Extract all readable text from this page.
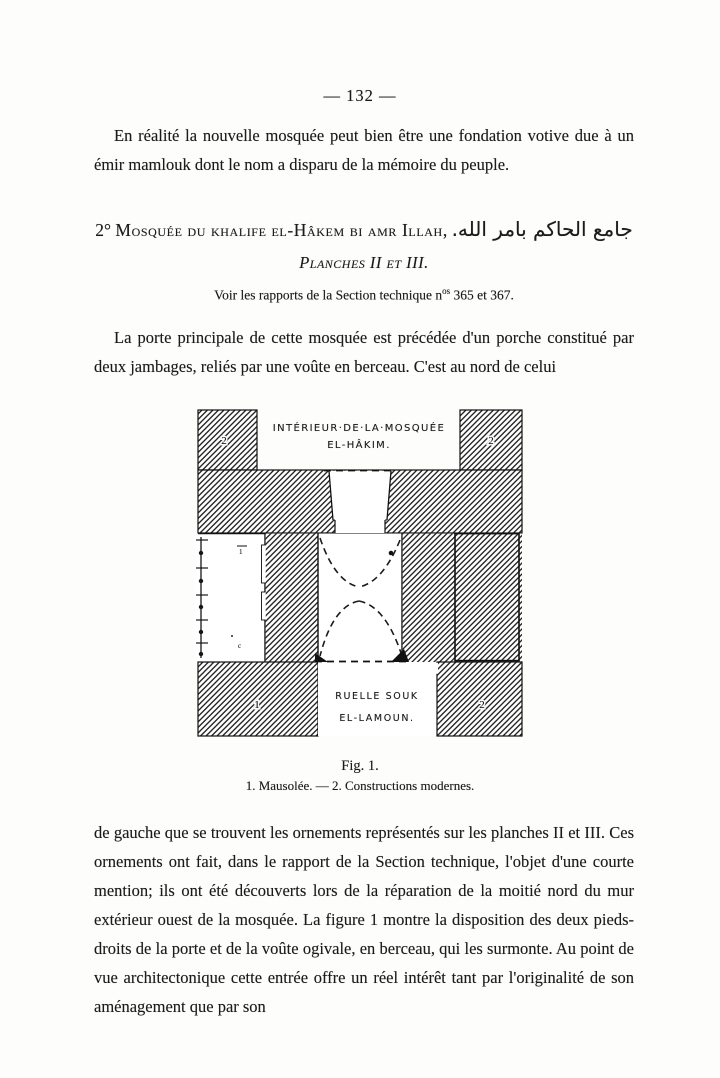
— 132 —

En réalité la nouvelle mosquée peut bien être une fondation votive due à un émir mamlouk dont le nom a disparu de la mémoire du peuple.

2° Mosquée du khalife el-Hâkem bi amr Illah, جامع الحاكم بامر الله.
Planches II et III.
Voir les rapports de la Section technique $n^{os}$ 365 et 367.

La porte principale de cette mosquée est précédée d'un porche constitué par deux jambages, reliés par une voûte en berceau. C'est au nord de celui

INTÉRIEUR·DE·LA·MOSQUÉE
EL-HÂKIM.
1
c
RUELLE SOUK
EL-LAMOUN.
2	2
1	2
Fig. 1.
1. Mausolée. — 2. Constructions modernes.

de gauche que se trouvent les ornements représentés sur les planches II et III. Ces ornements ont fait, dans le rapport de la Section technique, l'objet d'une courte mention; ils ont été découverts lors de la réparation de la moitié nord du mur extérieur ouest de la mosquée. La figure 1 montre la disposition des deux pieds-droits de la porte et de la voûte ogivale, en berceau, qui les surmonte. Au point de vue architectonique cette entrée offre un réel intérêt tant par l'originalité de son aménagement que par son
